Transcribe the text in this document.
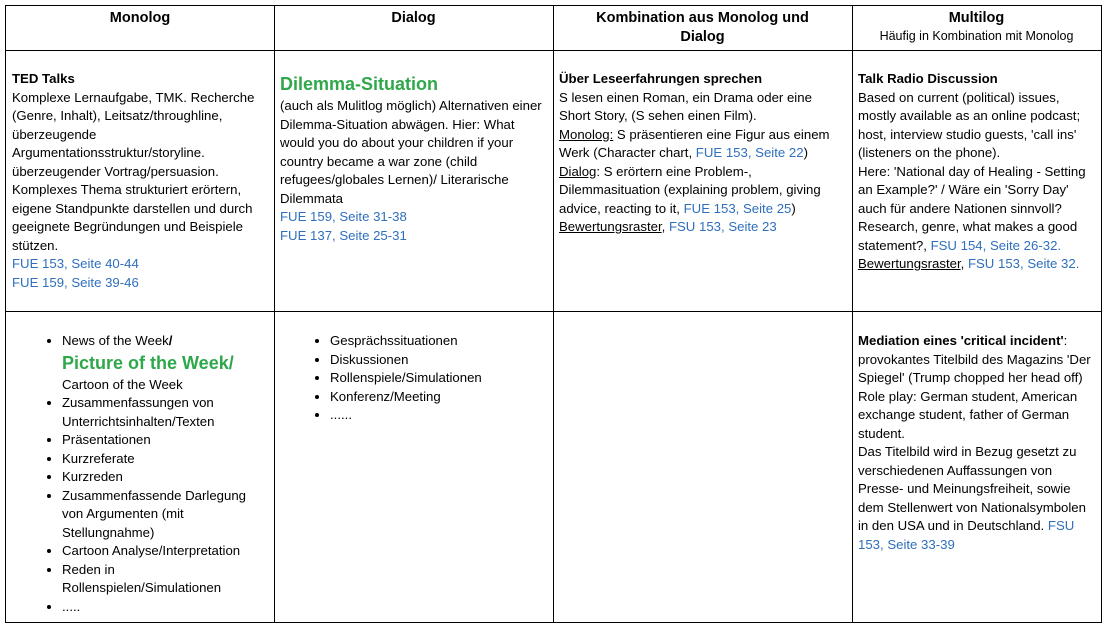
Monolog	Dialog	Kombination aus Monolog und Dialog
Multilog
Häufig in Kombination mit Monolog

TED Talks

Komplexe Lernaufgabe, TMK. Recherche (Genre, Inhalt), Leitsatz/throughline, überzeugende Argumentationsstruktur/storyline. überzeugender Vortrag/persuasion. Komplexes Thema strukturiert erörtern, eigene Standpunkte darstellen und durch geeignete Begründungen und Beispiele stützen.

FUE 153, Seite 40-44

FUE 159, Seite 39-46

Dilemma-Situation

(auch als Mulitlog möglich) Alternativen einer Dilemma-Situation abwägen. Hier: What would you do about your children if your country became a war zone (child refugees/globales Lernen)/ Literarische Dilemmata

FUE 159, Seite 31-38

FUE 137, Seite 25-31

Über Leseerfahrungen sprechen

S lesen einen Roman, ein Drama oder eine Short Story, (S sehen einen Film).

Monolog: S präsentieren eine Figur aus einem Werk (Character chart, FUE 153, Seite 22)

Dialog: S erörtern eine Problem-, Dilemmasituation (explaining problem, giving advice, reacting to it, FUE 153, Seite 25)

Bewertungsraster, FSU 153, Seite 23

Talk Radio Discussion

Based on current (political) issues, mostly available as an online podcast; host, interview studio guests, 'call ins' (listeners on the phone).

Here: 'National day of Healing - Setting an Example?' / Wäre ein 'Sorry Day' auch für andere Nationen sinnvoll?

Research, genre, what makes a good statement?, FSU 154, Seite 26-32.

Bewertungsraster, FSU 153, Seite 32.

• News of the Week/
Picture of the Week/
Cartoon of the Week
• Zusammenfassungen von Unterrichtsinhalten/Texten
• Präsentationen
• Kurzreferate
• Kurzreden
• Zusammenfassende Darlegung von Argumenten (mit Stellungnahme)
• Cartoon Analyse/Interpretation
• Reden in Rollenspielen/Simulationen
• .....
• Gesprächssituationen
• Diskussionen
• Rollenspiele/Simulationen
• Konferenz/Meeting
• ......

Mediation eines 'critical incident':

provokantes Titelbild des Magazins 'Der Spiegel' (Trump chopped her head off)

Role play: German student, American exchange student, father of German student.

Das Titelbild wird in Bezug gesetzt zu verschiedenen Auffassungen von Presse- und Meinungsfreiheit, sowie dem Stellenwert von Nationalsymbolen in den USA und in Deutschland. FSU 153, Seite 33-39
